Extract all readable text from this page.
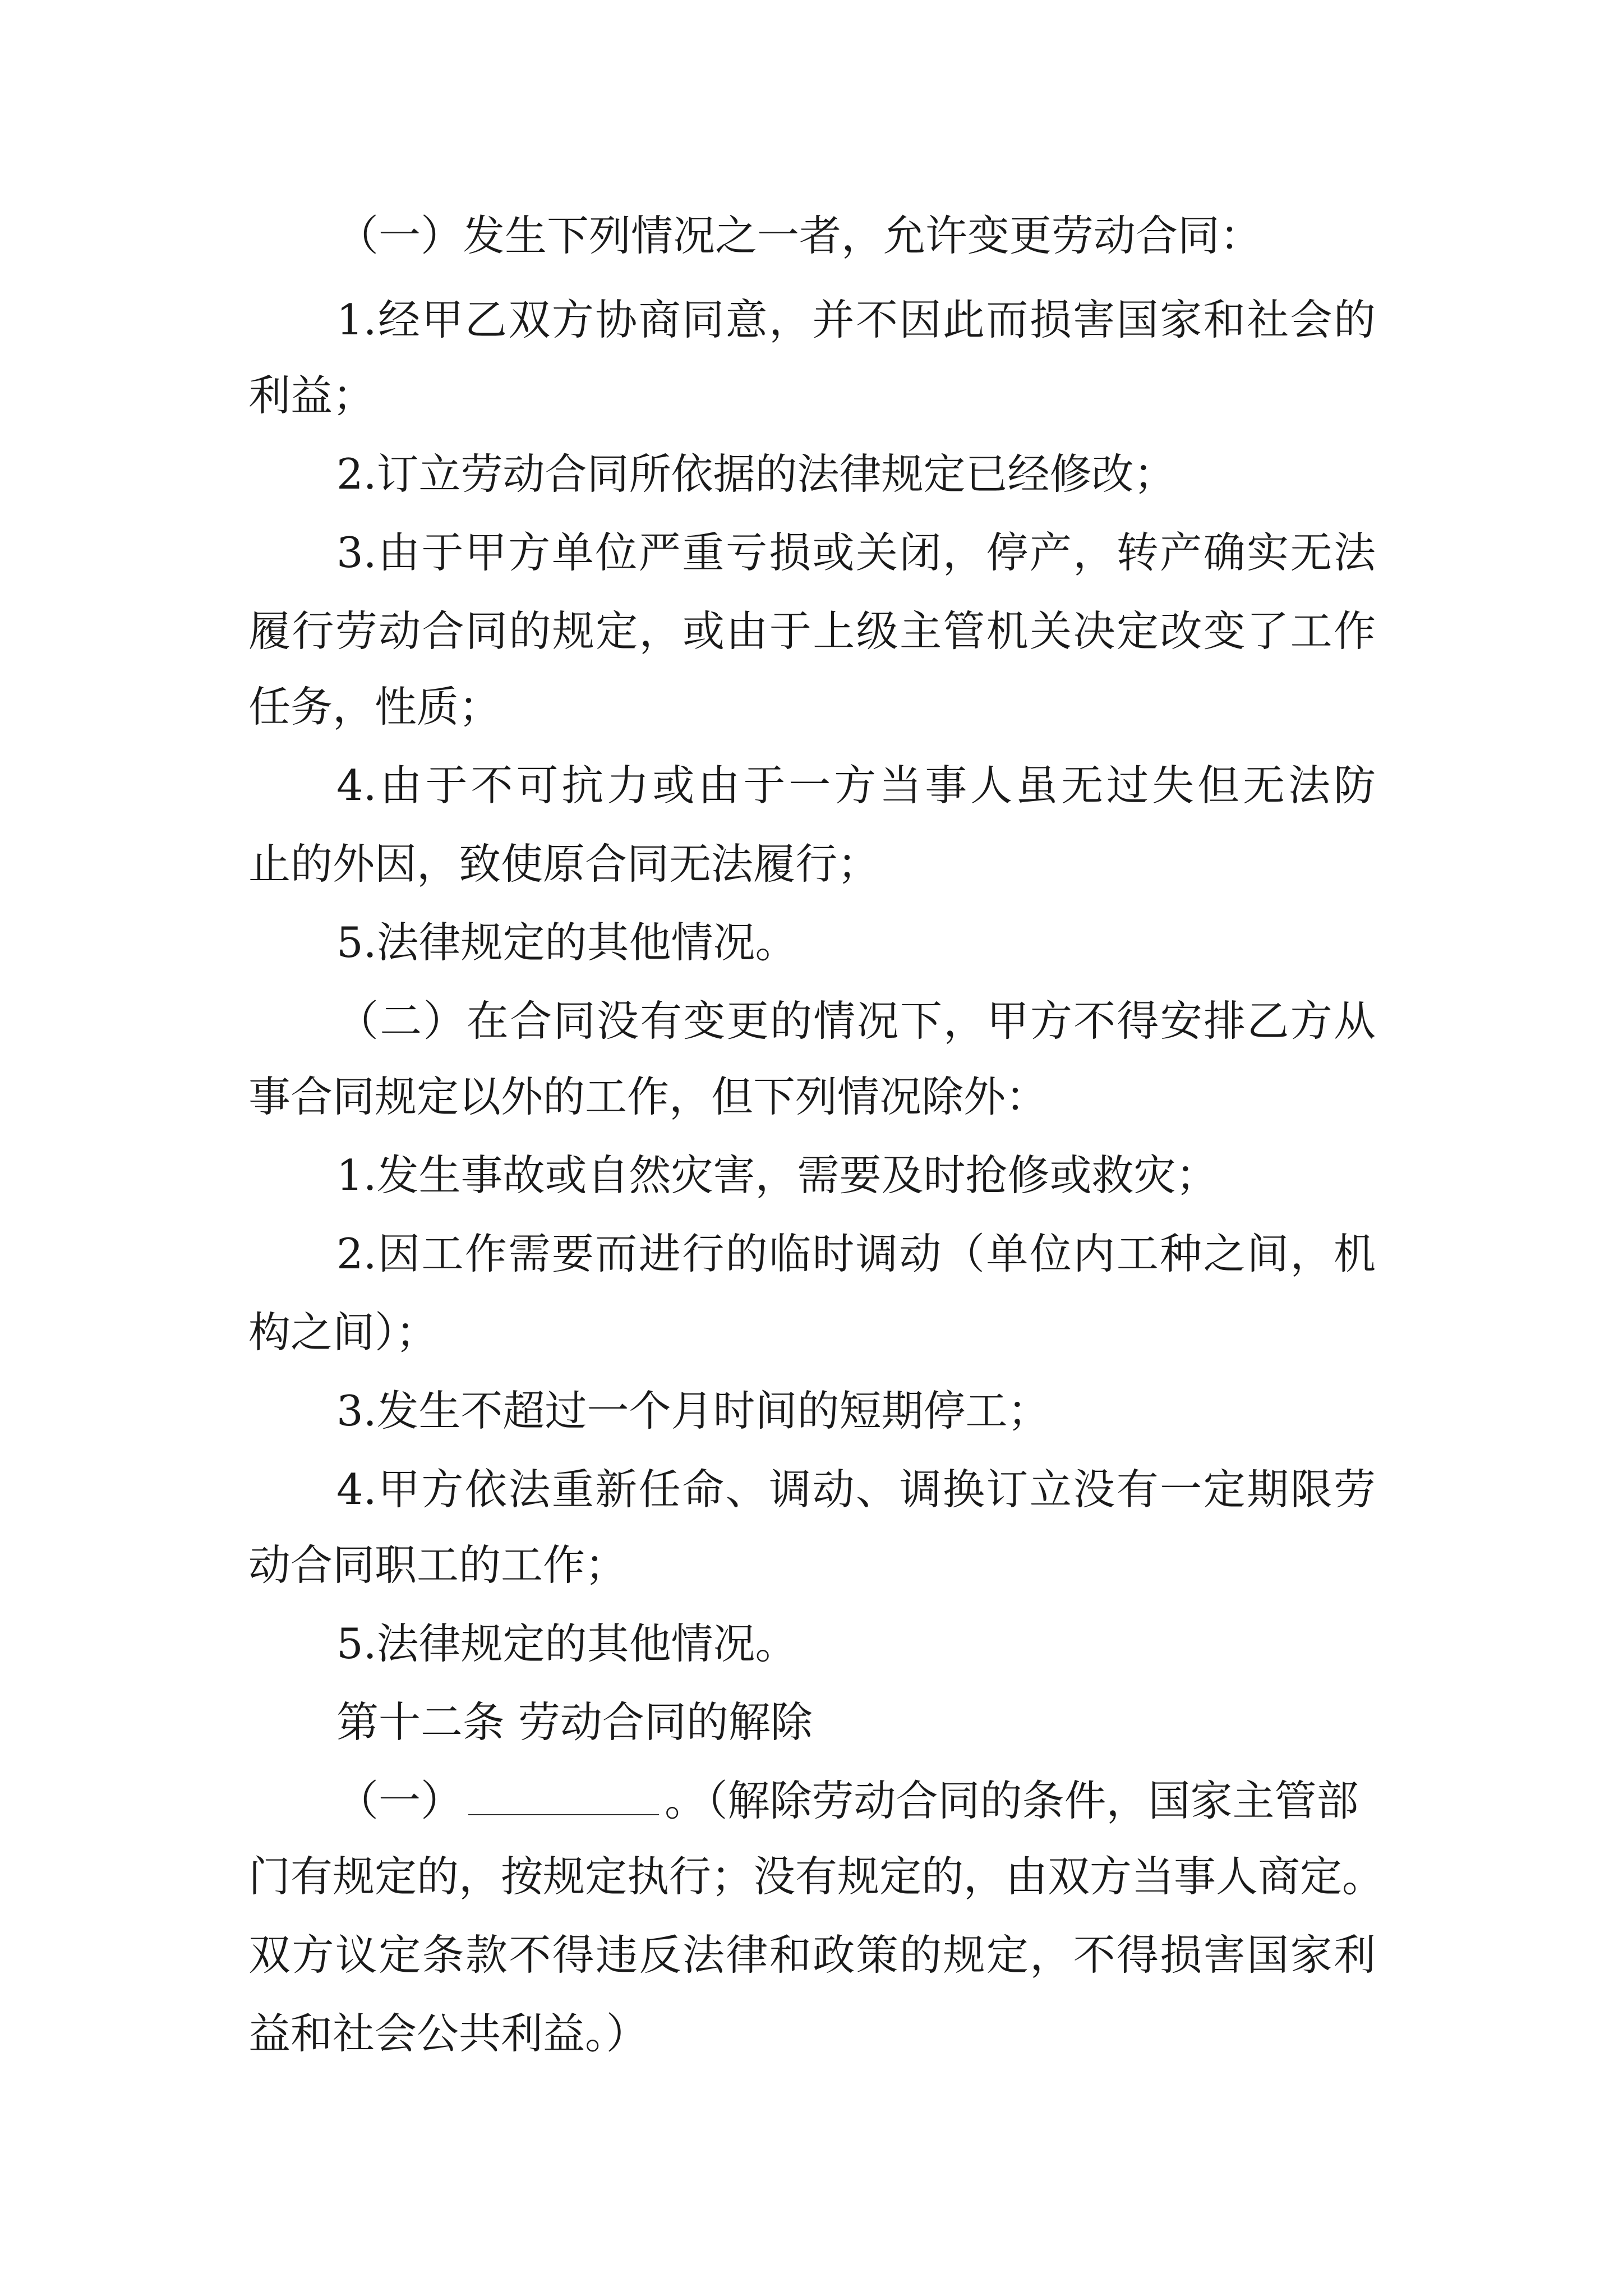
（一）发生下列情况之一者，允许变更劳动合同：
1.经甲乙双方协商同意，并不因此而损害国家和社会的
利益；
2.订立劳动合同所依据的法律规定已经修改；
3.由于甲方单位严重亏损或关闭，停产，转产确实无法
履行劳动合同的规定，或由于上级主管机关决定改变了工作
任务，性质；
4.由于不可抗力或由于一方当事人虽无过失但无法防
止的外因，致使原合同无法履行；
5.法律规定的其他情况。
（二）在合同没有变更的情况下，甲方不得安排乙方从
事合同规定以外的工作，但下列情况除外：
1.发生事故或自然灾害，需要及时抢修或救灾；
2.因工作需要而进行的临时调动（单位内工种之间，机
构之间）；
3.发生不超过一个月时间的短期停工；
4.甲方依法重新任命、调动、调换订立没有一定期限劳
动合同职工的工作；
5.法律规定的其他情况。
第十二条 劳动合同的解除
（一）	。（解除劳动合同的条件，国家主管部
门有规定的，按规定执行；没有规定的，由双方当事人商定。
双方议定条款不得违反法律和政策的规定，不得损害国家利
益和社会公共利益。）
